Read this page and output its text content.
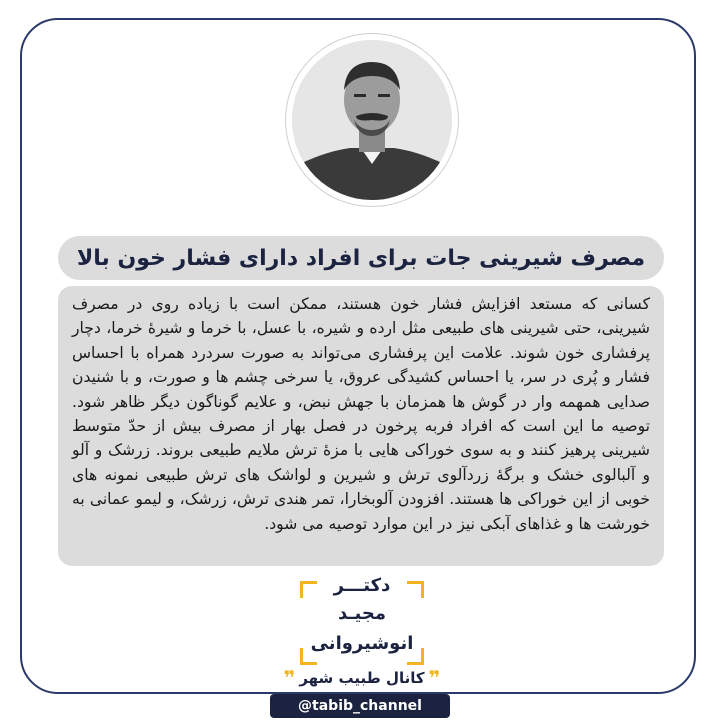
مصرف شیرینی جات برای افراد دارای فشار خون بالا

کسانی که مستعد افزایش فشار خون هستند، ممکن است با زیاده روی در مصرف شیرینی، حتی شیرینی های طبیعی مثل ارده و شیره، با عسل، با خرما و شیرهٔ خرما، دچار پرفشاری خون شوند. علامت این پرفشاری می‌تواند به صورت سردرد همراه با احساس فشار و پُری در سر، یا احساس کشیدگی عروق، یا سرخی چشم ها و صورت، و با شنیدن صدایی همهمه وار در گوش ها همزمان با جهش نبض، و علایم گوناگون دیگر ظاهر شود. توصیه ما این است که افراد فربه پرخون در فصل بهار از مصرف بیش از حدّ متوسط شیرینی پرهیز کنند و به سوی خوراکی هایی با مزهٔ ترش ملایم طبیعی بروند. زرشک و آلو و آلبالوی خشک و برگهٔ زردآلوی ترش و شیرین و لواشک های ترش طبیعی نمونه های خوبی از این خوراکی ها هستند. افزودن آلوبخارا، تمر هندی ترش، زرشک، و لیمو عمانی به خورشت ها و غذاهای آبکی نیز در این موارد توصیه می شود.

دکتـــر
مجیـد
انوشیروانی
❞ کانال طبیب شهر ❞
@tabib_channel
